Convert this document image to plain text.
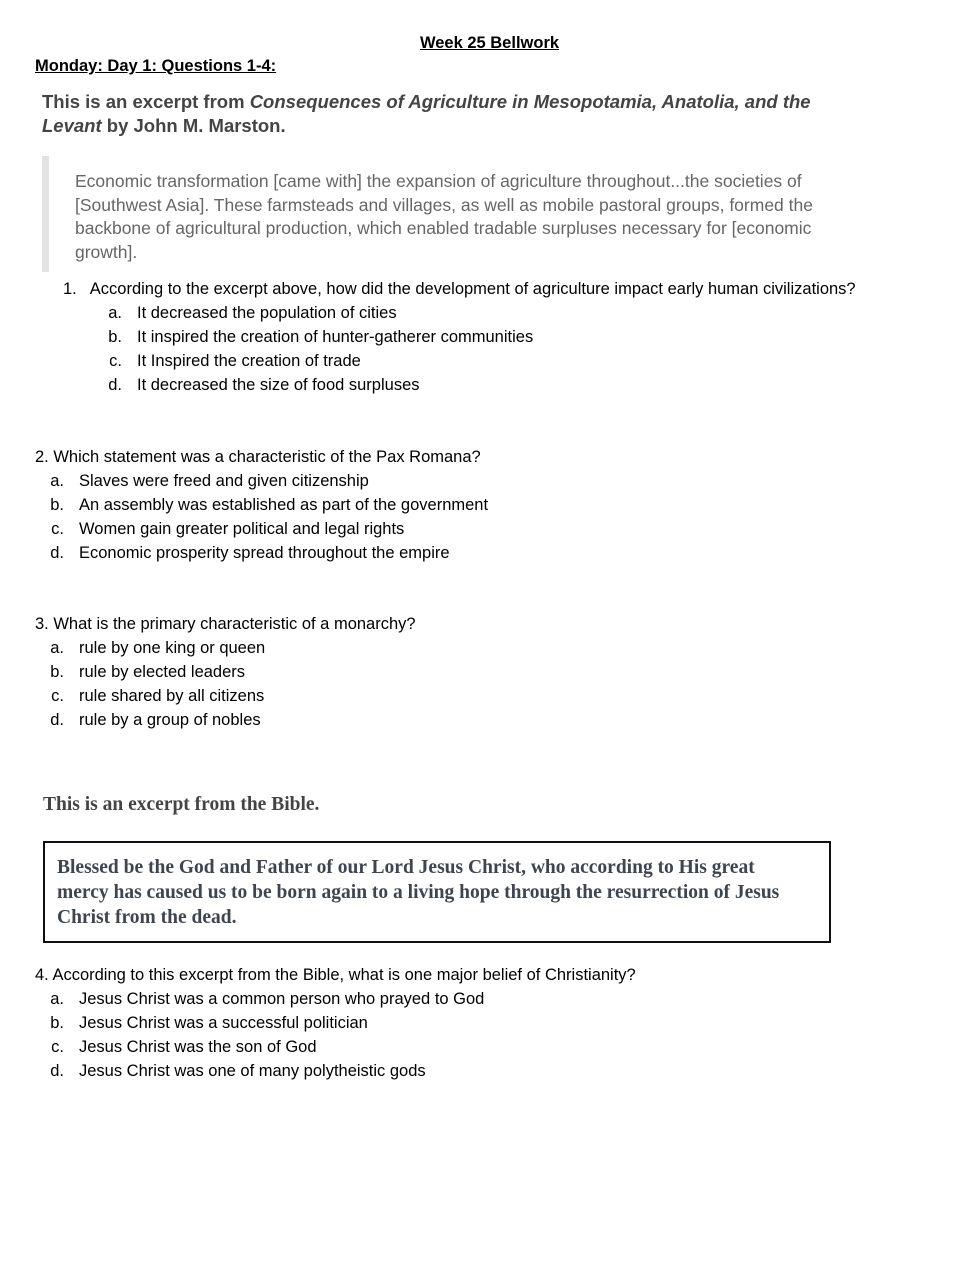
Week 25 Bellwork
Monday: Day 1: Questions 1-4:
This is an excerpt from Consequences of Agriculture in Mesopotamia, Anatolia, and the Levant by John M. Marston.
Economic transformation [came with] the expansion of agriculture throughout...the societies of [Southwest Asia]. These farmsteads and villages, as well as mobile pastoral groups, formed the backbone of agricultural production, which enabled tradable surpluses necessary for [economic growth].
1. According to the excerpt above, how did the development of agriculture impact early human civilizations?
a. It decreased the population of cities
b. It inspired the creation of hunter-gatherer communities
c. It Inspired the creation of trade
d. It decreased the size of food surpluses
2. Which statement was a characteristic of the Pax Romana?
a. Slaves were freed and given citizenship
b. An assembly was established as part of the government
c. Women gain greater political and legal rights
d. Economic prosperity spread throughout the empire
3. What is the primary characteristic of a monarchy?
a. rule by one king or queen
b. rule by elected leaders
c. rule shared by all citizens
d. rule by a group of nobles
This is an excerpt from the Bible.
Blessed be the God and Father of our Lord Jesus Christ, who according to His great mercy has caused us to be born again to a living hope through the resurrection of Jesus Christ from the dead.
4. According to this excerpt from the Bible, what is one major belief of Christianity?
a. Jesus Christ was a common person who prayed to God
b. Jesus Christ was a successful politician
c. Jesus Christ was the son of God
d. Jesus Christ was one of many polytheistic gods
